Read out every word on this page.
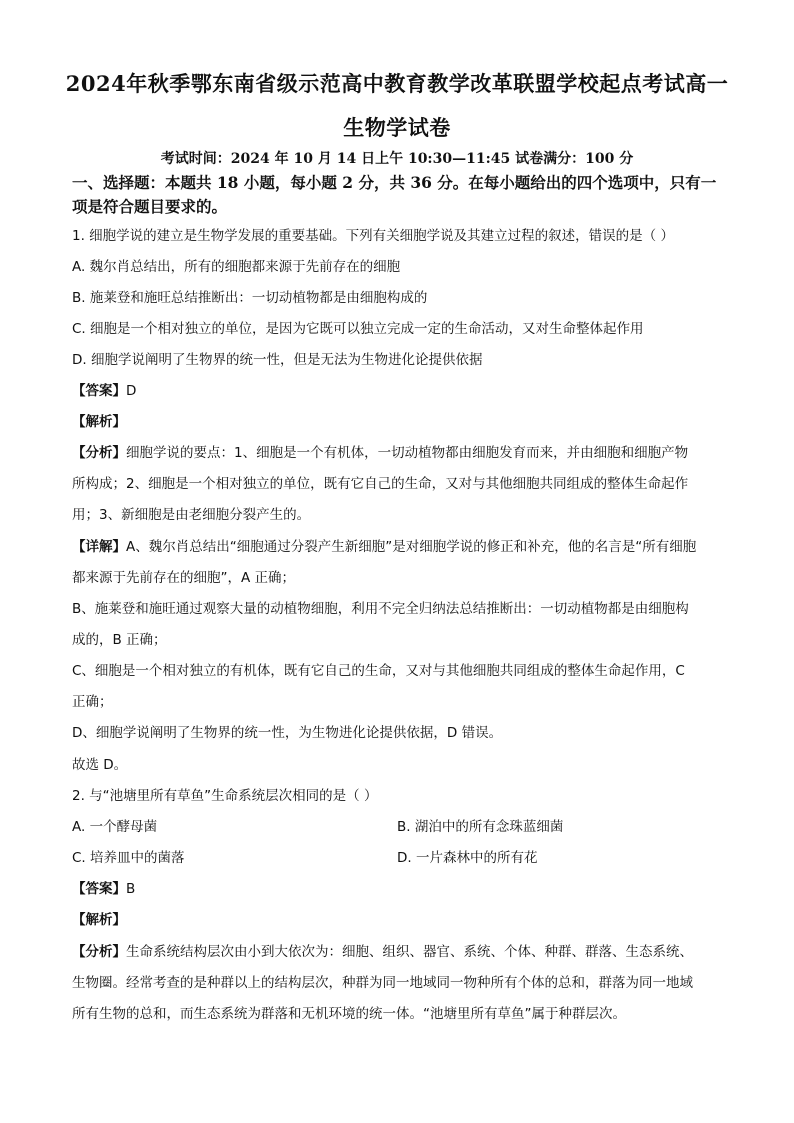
2024年秋季鄂东南省级示范高中教育教学改革联盟学校起点考试高一
生物学试卷
考试时间：2024 年 10 月 14 日上午 10:30—11:45 试卷满分：100 分
一、选择题：本题共 18 小题，每小题 2 分，共 36 分。在每小题给出的四个选项中，只有一
项是符合题目要求的。
1. 细胞学说的建立是生物学发展的重要基础。下列有关细胞学说及其建立过程的叙述，错误的是（ ）
A. 魏尔肖总结出，所有的细胞都来源于先前存在的细胞
B. 施莱登和施旺总结推断出：一切动植物都是由细胞构成的
C. 细胞是一个相对独立的单位，是因为它既可以独立完成一定的生命活动，又对生命整体起作用
D. 细胞学说阐明了生物界的统一性，但是无法为生物进化论提供依据
【答案】D
【解析】
【分析】细胞学说的要点：1、细胞是一个有机体，一切动植物都由细胞发育而来，并由细胞和细胞产物
所构成；2、细胞是一个相对独立的单位，既有它自己的生命，又对与其他细胞共同组成的整体生命起作
用；3、新细胞是由老细胞分裂产生的。
【详解】A、魏尔肖总结出“细胞通过分裂产生新细胞”是对细胞学说的修正和补充，他的名言是“所有细胞
都来源于先前存在的细胞”，A 正确；
B、施莱登和施旺通过观察大量的动植物细胞，利用不完全归纳法总结推断出：一切动植物都是由细胞构
成的，B 正确；
C、细胞是一个相对独立的有机体，既有它自己的生命，又对与其他细胞共同组成的整体生命起作用，C
正确；
D、细胞学说阐明了生物界的统一性，为生物进化论提供依据，D 错误。
故选 D。
2. 与“池塘里所有草鱼”生命系统层次相同的是（ ）
A. 一个酵母菌	B. 湖泊中的所有念珠蓝细菌
C. 培养皿中的菌落	D. 一片森林中的所有花
【答案】B
【解析】
【分析】生命系统结构层次由小到大依次为：细胞、组织、器官、系统、个体、种群、群落、生态系统、
生物圈。经常考查的是种群以上的结构层次，种群为同一地域同一物种所有个体的总和，群落为同一地域
所有生物的总和，而生态系统为群落和无机环境的统一体。“池塘里所有草鱼”属于种群层次。
